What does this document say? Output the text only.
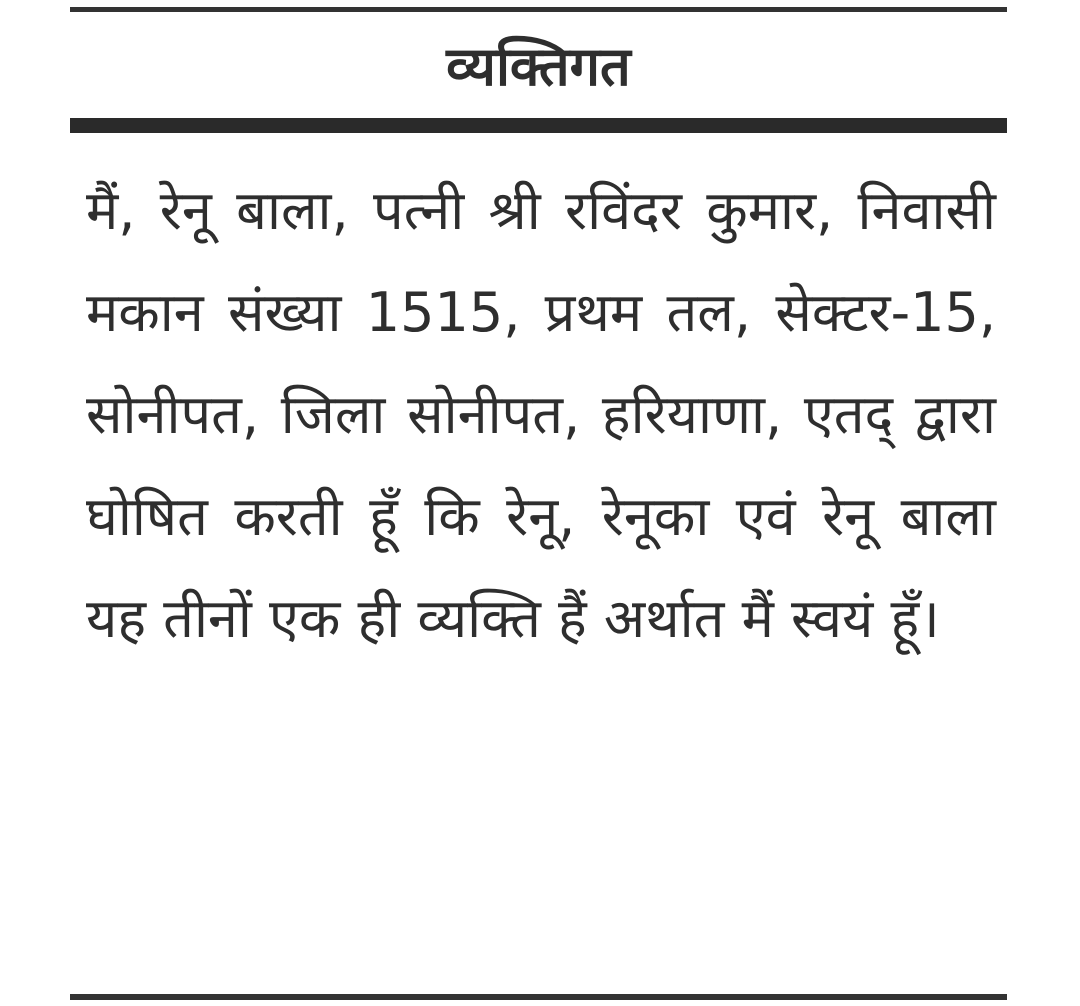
व्यक्तिगत
मैं, रेनू बाला, पत्नी श्री रविंदर कुमार, निवासी मकान संख्या 1515, प्रथम तल, सेक्टर-15, सोनीपत, जिला सोनीपत, हरियाणा, एतद् द्वारा घोषित करती हूँ कि रेनू, रेनूका एवं रेनू बाला यह तीनों एक ही व्यक्ति हैं अर्थात मैं स्वयं हूँ।
